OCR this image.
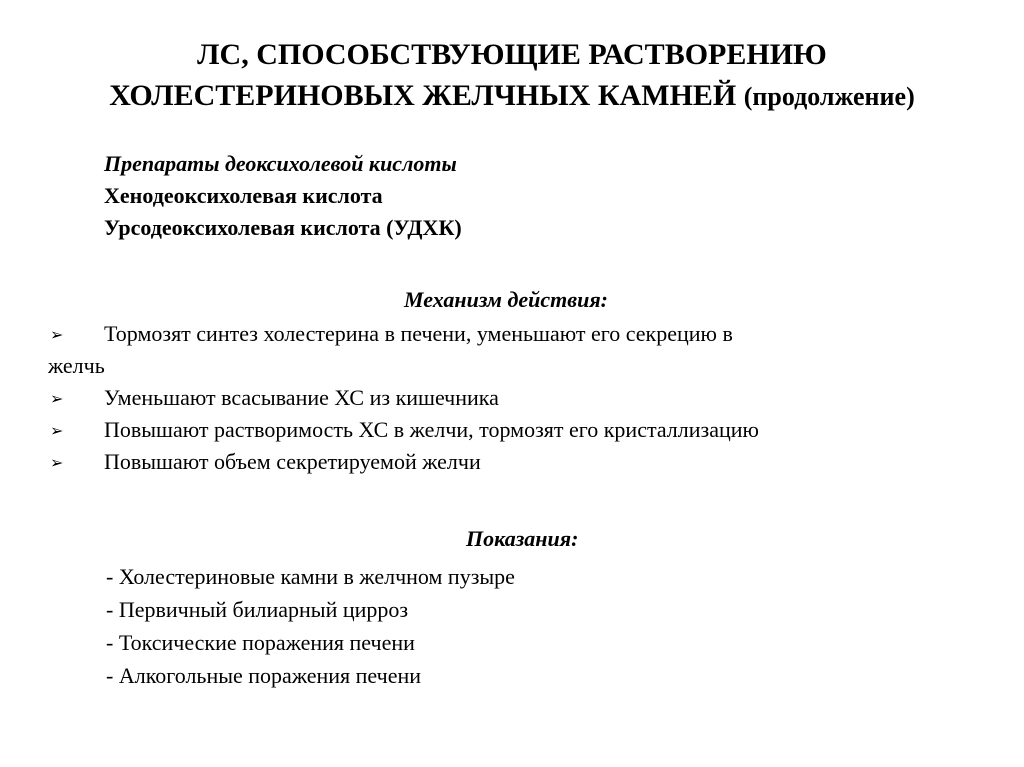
ЛС, СПОСОБСТВУЮЩИЕ РАСТВОРЕНИЮ
ХОЛЕСТЕРИНОВЫХ ЖЕЛЧНЫХ КАМНЕЙ (продолжение)
Препараты деоксихолевой кислоты
Хенодеоксихолевая кислота
Урсодеоксихолевая кислота (УДХК)
Механизм действия:
➢ Тормозят синтез холестерина в печени, уменьшают его секрецию в
желчь
➢ Уменьшают всасывание ХС из кишечника
➢ Повышают растворимость ХС в желчи, тормозят его кристаллизацию
➢ Повышают объем секретируемой желчи
Показания:
- Холестериновые камни в желчном пузыре
- Первичный билиарный цирроз
- Токсические поражения печени
- Алкогольные поражения печени
